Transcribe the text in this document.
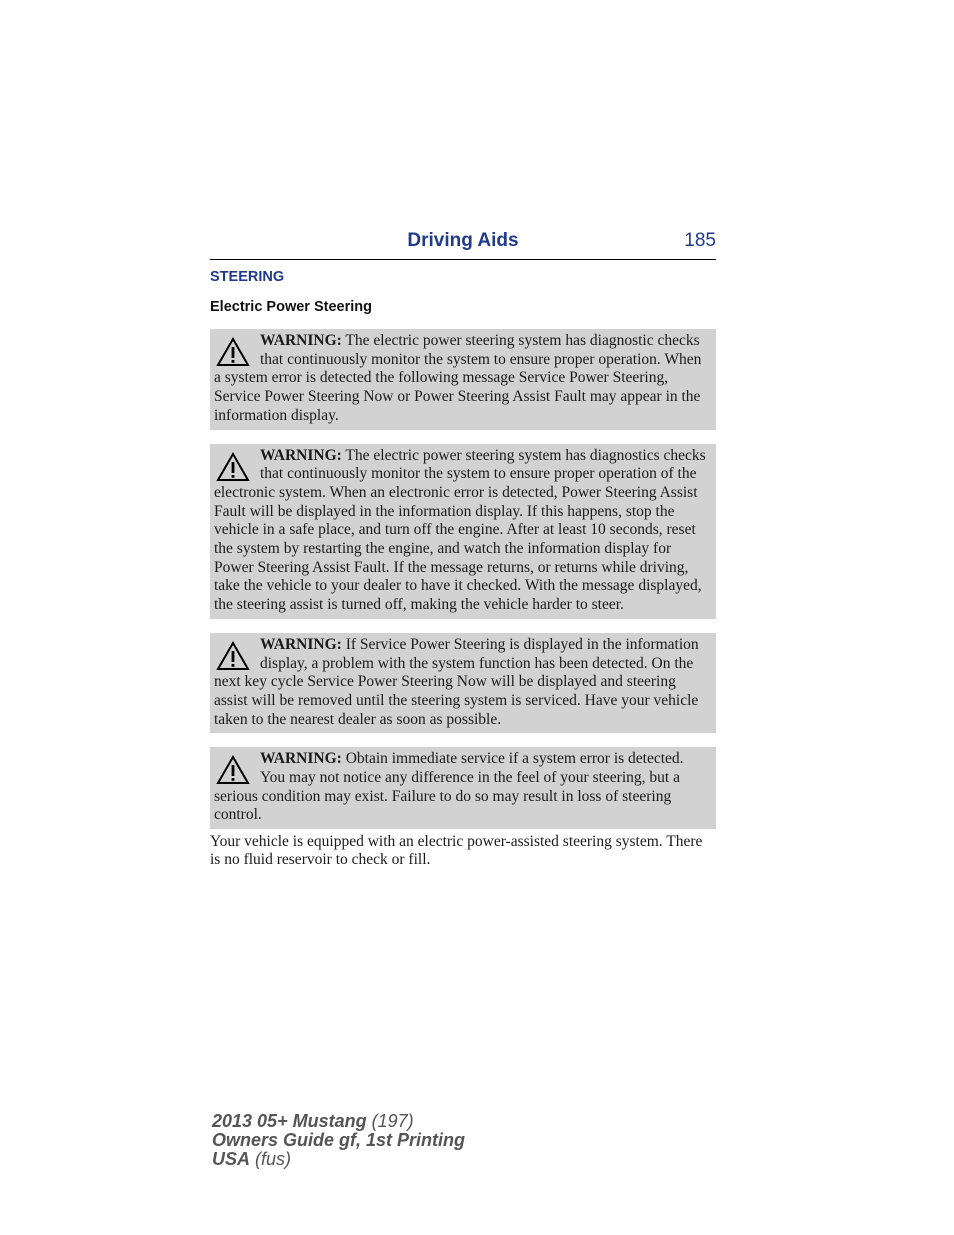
Driving Aids	185
STEERING
Electric Power Steering
WARNING: The electric power steering system has diagnostic checks that continuously monitor the system to ensure proper operation. When a system error is detected the following message Service Power Steering, Service Power Steering Now or Power Steering Assist Fault may appear in the information display.
WARNING: The electric power steering system has diagnostics checks that continuously monitor the system to ensure proper operation of the electronic system. When an electronic error is detected, Power Steering Assist Fault will be displayed in the information display. If this happens, stop the vehicle in a safe place, and turn off the engine. After at least 10 seconds, reset the system by restarting the engine, and watch the information display for Power Steering Assist Fault. If the message returns, or returns while driving, take the vehicle to your dealer to have it checked. With the message displayed, the steering assist is turned off, making the vehicle harder to steer.
WARNING: If Service Power Steering is displayed in the information display, a problem with the system function has been detected. On the next key cycle Service Power Steering Now will be displayed and steering assist will be removed until the steering system is serviced. Have your vehicle taken to the nearest dealer as soon as possible.
WARNING: Obtain immediate service if a system error is detected. You may not notice any difference in the feel of your steering, but a serious condition may exist. Failure to do so may result in loss of steering control.
Your vehicle is equipped with an electric power-assisted steering system. There is no fluid reservoir to check or fill.
2013 05+ Mustang (197)
Owners Guide gf, 1st Printing
USA (fus)
